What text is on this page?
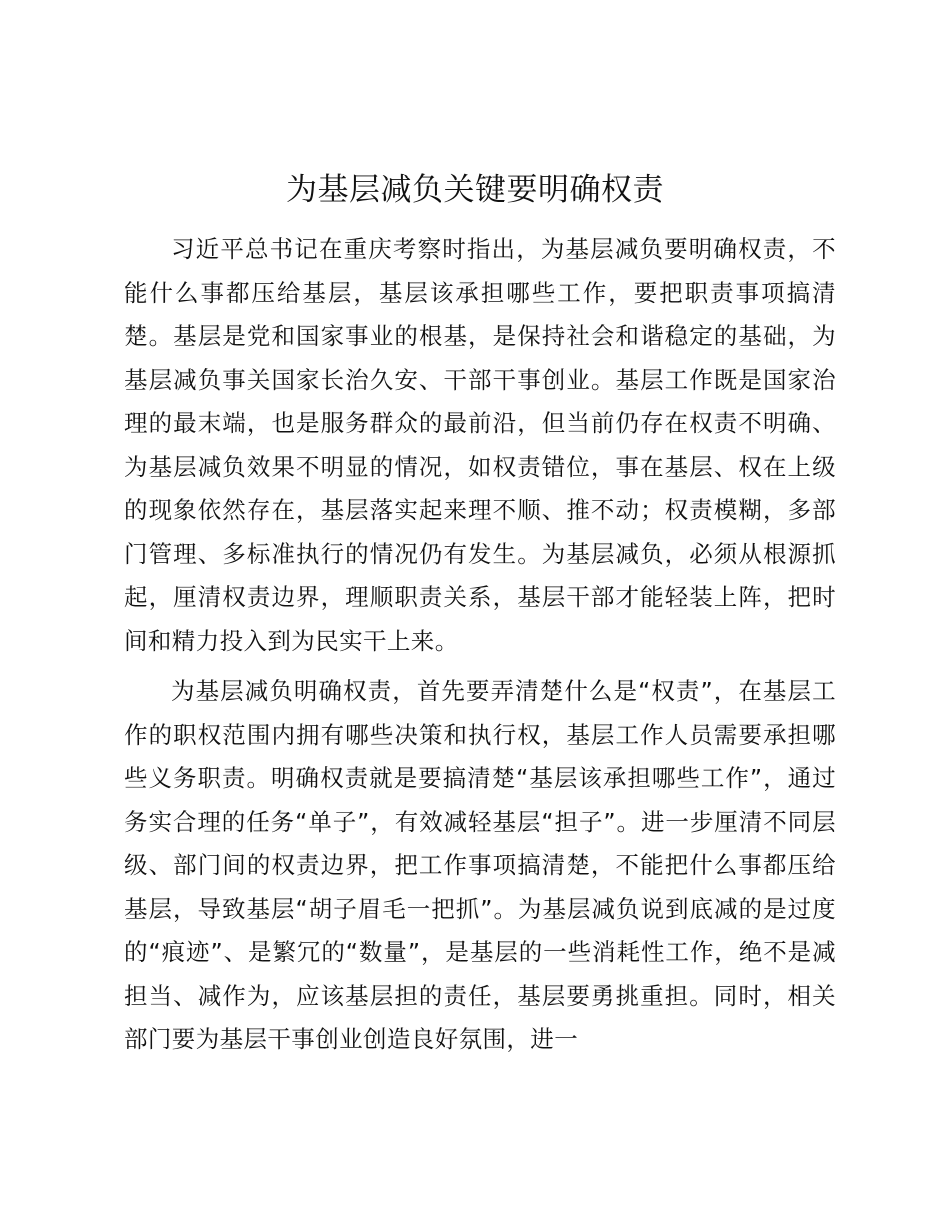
为基层减负关键要明确权责

习近平总书记在重庆考察时指出，为基层减负要明确权责，不能什么事都压给基层，基层该承担哪些工作，要把职责事项搞清楚。基层是党和国家事业的根基，是保持社会和谐稳定的基础，为基层减负事关国家长治久安、干部干事创业。基层工作既是国家治理的最末端，也是服务群众的最前沿，但当前仍存在权责不明确、为基层减负效果不明显的情况，如权责错位，事在基层、权在上级的现象依然存在，基层落实起来理不顺、推不动；权责模糊，多部门管理、多标准执行的情况仍有发生。为基层减负，必须从根源抓起，厘清权责边界，理顺职责关系，基层干部才能轻装上阵，把时间和精力投入到为民实干上来。

为基层减负明确权责，首先要弄清楚什么是“权责”，在基层工作的职权范围内拥有哪些决策和执行权，基层工作人员需要承担哪些义务职责。明确权责就是要搞清楚“基层该承担哪些工作”，通过务实合理的任务“单子”，有效减轻基层“担子”。进一步厘清不同层级、部门间的权责边界，把工作事项搞清楚，不能把什么事都压给基层，导致基层“胡子眉毛一把抓”。为基层减负说到底减的是过度的“痕迹”、是繁冗的“数量”，是基层的一些消耗性工作，绝不是减担当、减作为，应该基层担的责任，基层要勇挑重担。同时，相关部门要为基层干事创业创造良好氛围，进一
